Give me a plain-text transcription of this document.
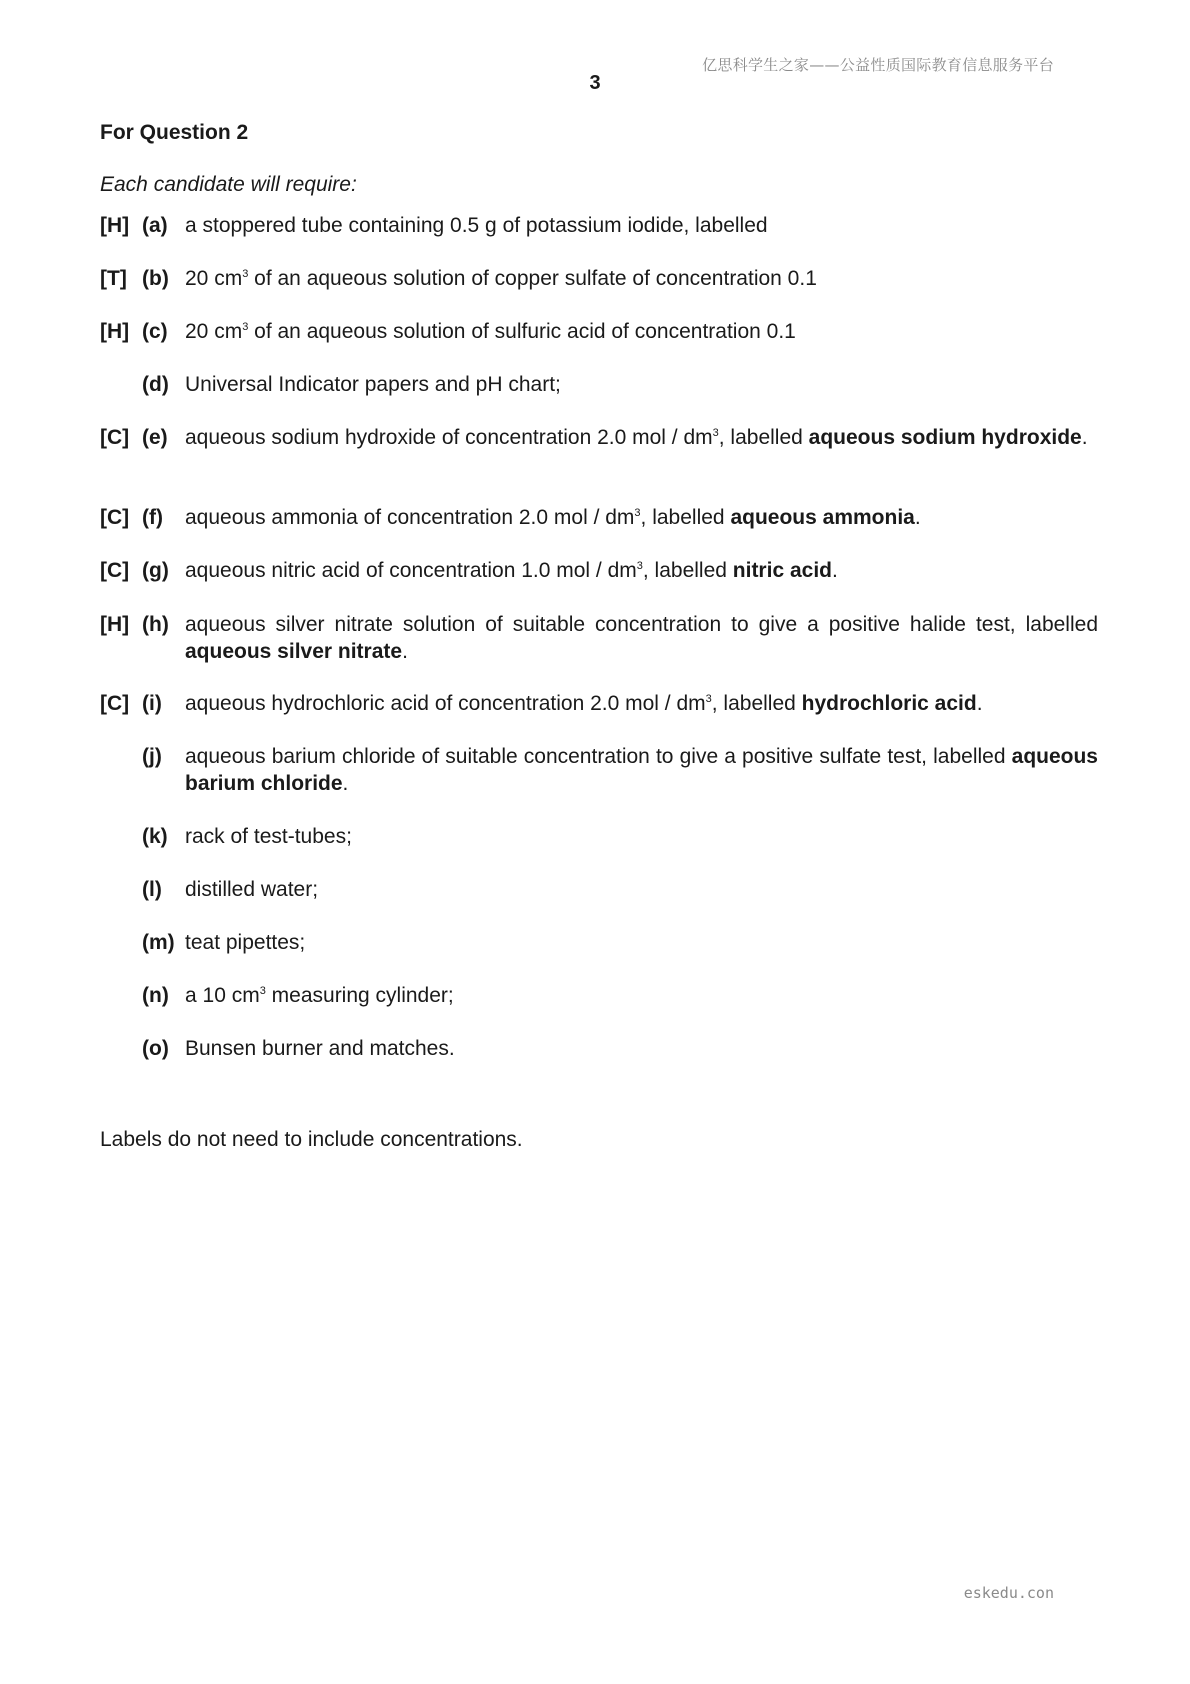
亿思科学生之家——公益性质国际教育信息服务平台
3
For Question 2
Each candidate will require:
[H] (a) a stoppered tube containing 0.5 g of potassium iodide, labelled
[T] (b) 20 $cm^3$ of an aqueous solution of copper sulfate of concentration 0.1
[H] (c) 20 $cm^3$ of an aqueous solution of sulfuric acid of concentration 0.1
(d) Universal Indicator papers and pH chart;
[C] (e) aqueous sodium hydroxide of concentration 2.0 mol / $dm^3$, labelled aqueous sodium hydroxide.
[C] (f) aqueous ammonia of concentration 2.0 mol / $dm^3$, labelled aqueous ammonia.
[C] (g) aqueous nitric acid of concentration 1.0 mol / $dm^3$, labelled nitric acid.
[H] (h) aqueous silver nitrate solution of suitable concentration to give a positive halide test, labelled aqueous silver nitrate.
[C] (i) aqueous hydrochloric acid of concentration 2.0 mol / $dm^3$, labelled hydrochloric acid.
(j) aqueous barium chloride of suitable concentration to give a positive sulfate test, labelled aqueous barium chloride.
(k) rack of test-tubes;
(l) distilled water;
(m) teat pipettes;
(n) a 10 $cm^3$ measuring cylinder;
(o) Bunsen burner and matches.
Labels do not need to include concentrations.
eskedu.con
